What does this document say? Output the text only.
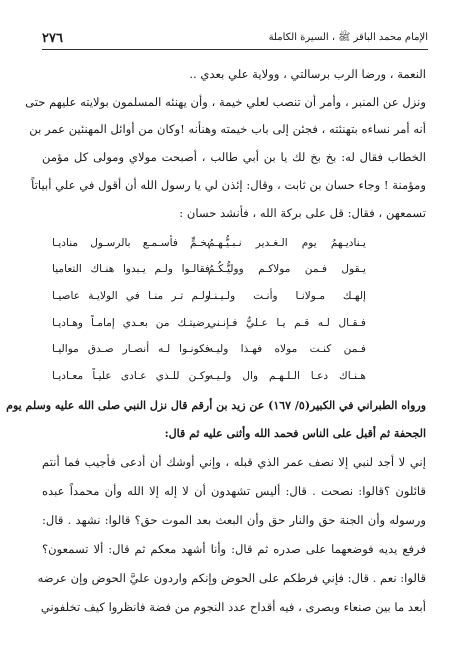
الإمام محمد الباقر ﷺ ، السيرة الكاملة
٢٧٦
النعمة ، ورضا الرب برسالتي ، وولاية علي بعدي ..
ونزل عن المنبر ، وأمر أن تنصب لعلي خيمة ، وأن يهنئه المسلمون بولايته عليهم حتى
أنه أمر نساءه بتهنئته ، فجئن إلى باب خيمته وهنأنه !وكان من أوائل المهنئين عمر بن
الخطاب فقال له: بخ بخ لك يا بن أبي طالب ، أصبحت مولاي ومولى كل مؤمن
ومؤمنة ! وجاء حسان بن ثابت ، وقال: إئذن لي يا رسول الله أن أقول في علي أبياتاً
تسمعهن ، فقال: قل على بركة الله ، فأنشد حسان :
يـناديـهمُ يوم الـغـدير نـبـيُّـهـمُ
بخـمٍّ فأسـمـع بالرسـول مناديـا
يـقول فـمن مولاكـم ووليُّـكُـمُ
فقالـوا ولـم يـبدوا هنـاك التعاميا
إلهـك مـولانـا وأنـت ولـيـنـا
ولـم تـر منـا في الولايـة عاصيـا
فـقـال لـه قـم يـا عـليُّ فـإنـني
رضيتـك من بعـدي إمامـاً وهـاديـا
فـمن كنـت مولاه فهـذا وليـه
فكونـوا لـه أنصـار صـدق مواليـا
هـنـاك دعـا الـلـهـم وال ولـيـه
وكـن للـذي عـادى عليـاً معـاديـا
ورواه الطبراني في الكبير(٥/ ١٦٧) عن زيد بن أرقم قال نزل النبي صلى الله عليه وسلم يوم
الجحفة ثم أقبل على الناس فحمد الله وأثنى عليه ثم قال:
إني لا أجد لنبي إلا نصف عمر الذي قبله ، وإني أوشك أن أدعى فأجيب فما أنتم
قائلون ؟قالوا: نصحت . قال: أليس تشهدون أن لا إله إلا الله وأن محمداً عبده
ورسوله وأن الجنة حق والنار حق وأن البعث بعد الموت حق؟ قالوا: نشهد . قال:
فرفع يديه فوضعهما على صدره ثم قال: وأنا أشهد معكم ثم قال: ألا تسمعون؟
قالوا: نعم . قال: فإني فرطكم على الحوض وإنكم واردون عليَّ الحوض وإن عرضه
أبعد ما بين صنعاء وبصرى ، فيه أقداح عدد النجوم من فضة فانظروا كيف تخلفوني
